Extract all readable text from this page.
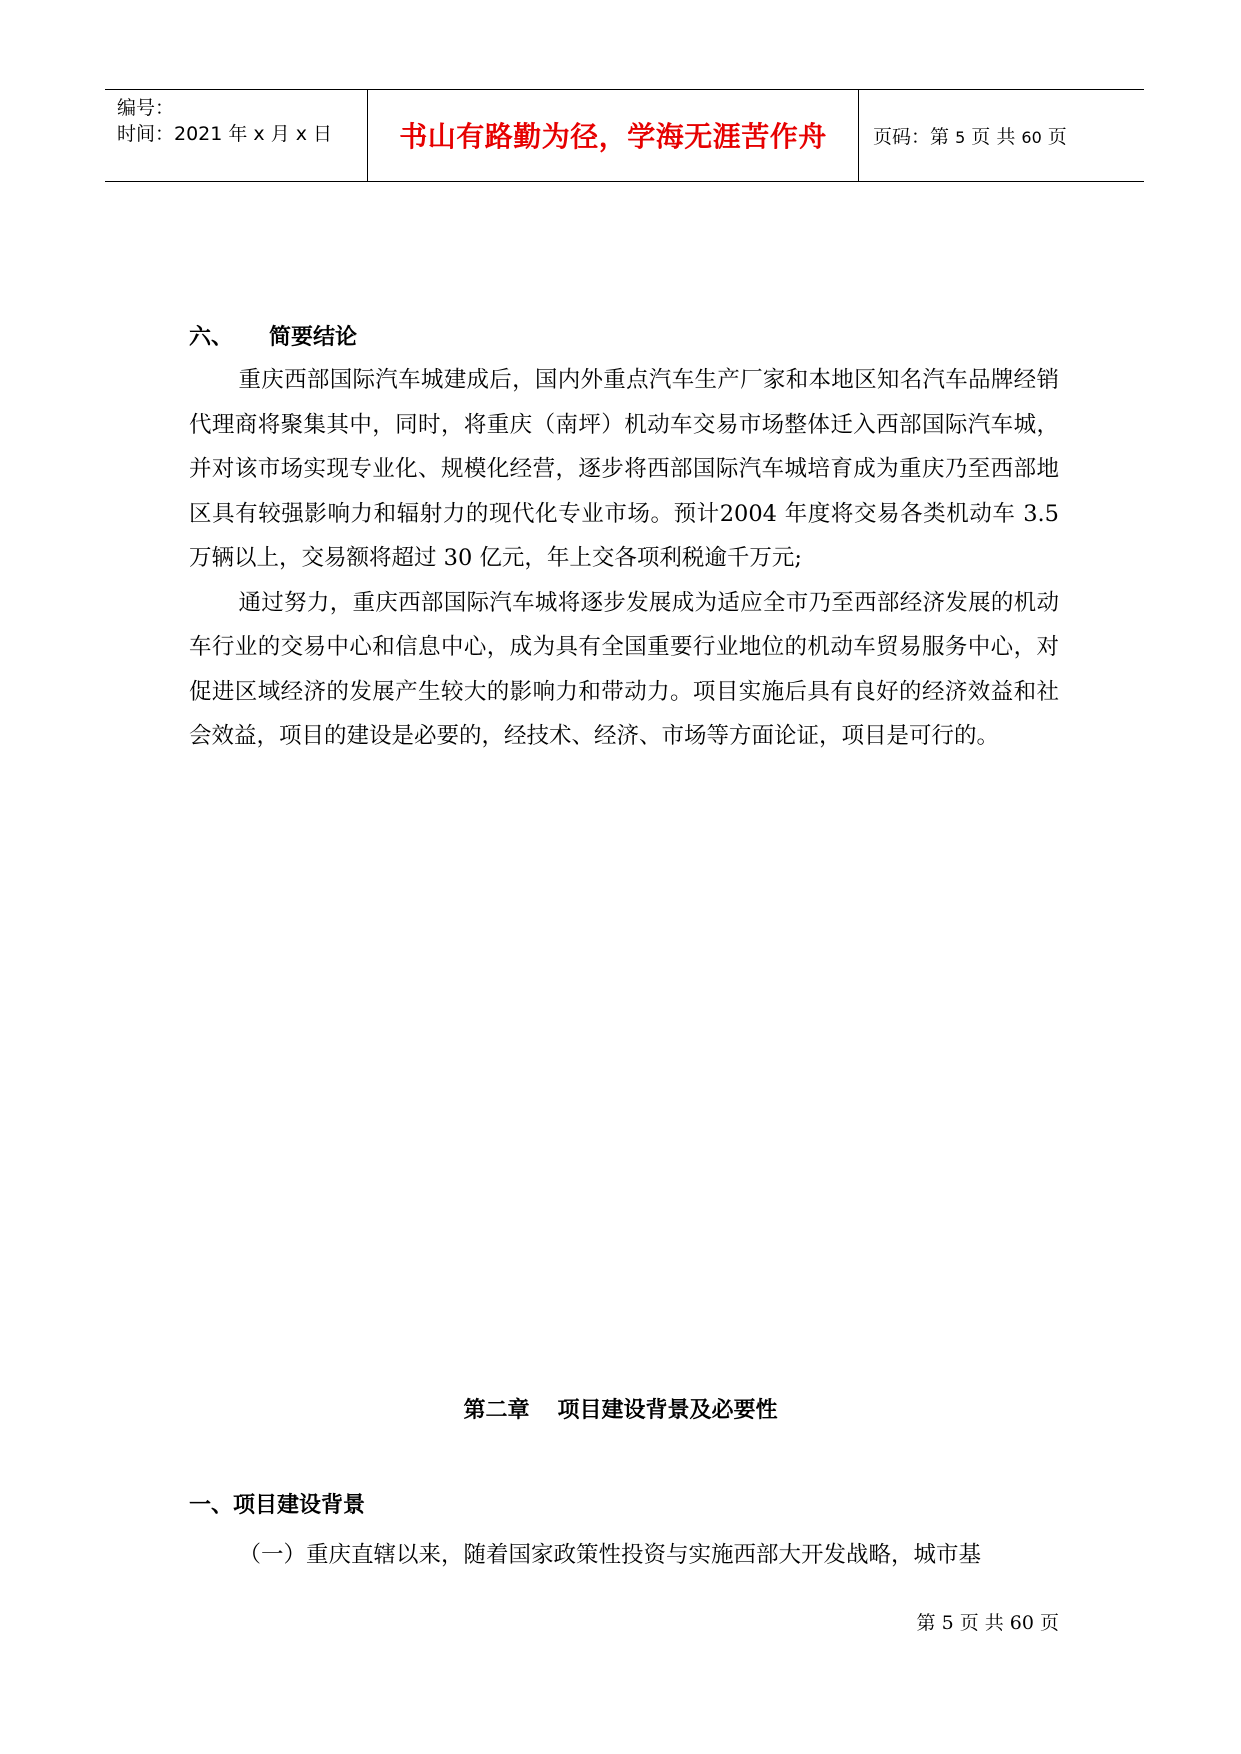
编号：
时间：2021 年 x 月 x 日	书山有路勤为径，学海无涯苦作舟	页码：第 5 页 共 60 页
六、 简要结论

重庆西部国际汽车城建成后，国内外重点汽车生产厂家和本地区知名汽车品牌经销代理商将聚集其中，同时，将重庆（南坪）机动车交易市场整体迁入西部国际汽车城，并对该市场实现专业化、规模化经营，逐步将西部国际汽车城培育成为重庆乃至西部地区具有较强影响力和辐射力的现代化专业市场。预计2004 年度将交易各类机动车 3.5 万辆以上，交易额将超过 30 亿元，年上交各项利税逾千万元;

通过努力，重庆西部国际汽车城将逐步发展成为适应全市乃至西部经济发展的机动车行业的交易中心和信息中心，成为具有全国重要行业地位的机动车贸易服务中心，对促进区域经济的发展产生较大的影响力和带动力。项目实施后具有良好的经济效益和社会效益，项目的建设是必要的，经技术、经济、市场等方面论证，项目是可行的。

第二章 项目建设背景及必要性
一、项目建设背景

（一）重庆直辖以来，随着国家政策性投资与实施西部大开发战略，城市基

第 5 页 共 60 页
